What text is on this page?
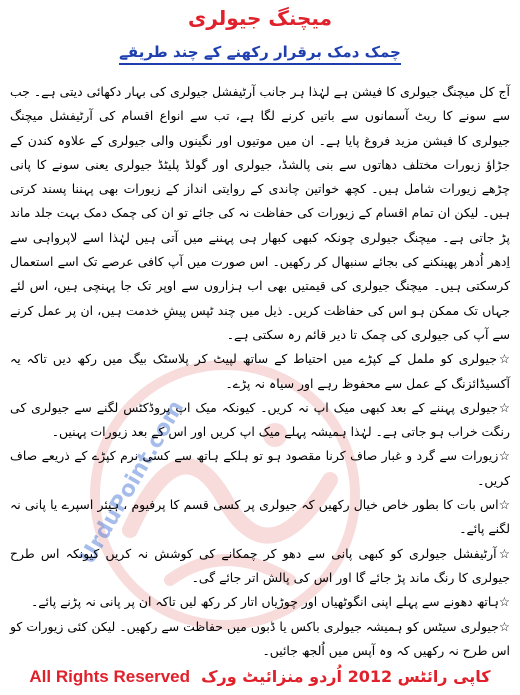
UrduPoint.com
میچنگ جیولری
چمک دمک برقرار رکھنے کے چند طریقے

آج کل میچنگ جیولری کا فیشن ہے لہٰذا ہر جانب آرٹیفشل جیولری کی بہار دکھائی دیتی ہے۔ جب سے سونے کا ریٹ آسمانوں سے باتیں کرنے لگا ہے، تب سے انواع اقسام کی آرٹیفشل میچنگ جیولری کا فیشن مزید فروغ پایا ہے۔ ان میں موتیوں اور نگینوں والی جیولری کے علاوہ کندن کے جڑاؤ زیورات مختلف دھاتوں سے بنی پالشڈ، جیولری اور گولڈ پلیٹڈ جیولری یعنی سونے کا پانی چڑھے زیورات شامل ہیں۔ کچھ خواتین چاندی کے روایتی انداز کے زیورات بھی پہننا پسند کرتی ہیں۔ لیکن ان تمام اقسام کے زیورات کی حفاظت نہ کی جائے تو ان کی چمک دمک بہت جلد ماند پڑ جاتی ہے۔ میچنگ جیولری چونکہ کبھی کبھار ہی پہننے میں آتی ہیں لہٰذا اسے لاپرواہی سے اِدھر اُدھر پھینکنے کی بجائے سنبھال کر رکھیں۔ اس صورت میں آپ کافی عرصے تک اسے استعمال کرسکتی ہیں۔ میچنگ جیولری کی قیمتیں بھی اب ہزاروں سے اوپر تک جا پہنچی ہیں، اس لئے جہاں تک ممکن ہو اس کی حفاظت کریں۔ ذیل میں چند ٹپس پیشِ خدمت ہیں، ان پر عمل کرنے سے آپ کی جیولری کی چمک تا دیر قائم رہ سکتی ہے۔

☆جیولری کو ململ کے کپڑے میں احتیاط کے ساتھ لپیٹ کر پلاسٹک بیگ میں رکھ دیں تاکہ یہ آکسیڈائزنگ کے عمل سے محفوظ رہے اور سیاہ نہ پڑے۔

☆جیولری پہننے کے بعد کبھی میک اپ نہ کریں۔ کیونکہ میک اپ پروڈکٹس لگنے سے جیولری کی رنگت خراب ہو جاتی ہے۔ لہٰذا ہمیشہ پہلے میک اپ کریں اور اس کے بعد زیورات پہنیں۔

☆زیورات سے گرد و غبار صاف کرنا مقصود ہو تو ہلکے ہاتھ سے کسی نرم کپڑے کے ذریعے صاف کریں۔

☆اس بات کا بطور خاص خیال رکھیں کہ جیولری پر کسی قسم کا پرفیوم ، ہیئر اسپرے یا پانی نہ لگنے پائے۔

☆آرٹیفشل جیولری کو کبھی پانی سے دھو کر چمکانے کی کوشش نہ کریں کیونکہ اس طرح جیولری کا رنگ ماند پڑ جائے گا اور اس کی پالش اتر جائے گی۔

☆ہاتھ دھونے سے پہلے اپنی انگوٹھیاں اور چوڑیاں اتار کر رکھ لیں تاکہ ان پر پانی نہ پڑنے پائے۔

☆جیولری سیٹس کو ہمیشہ جیولری باکس یا ڈبوں میں حفاظت سے رکھیں۔ لیکن کئی زیورات کو اس طرح نہ رکھیں کہ وہ آپس میں اُلجھ جائیں۔

All Rights Reserved کاپی رائٹس 2012 اُردو منزائیٹ ورک
